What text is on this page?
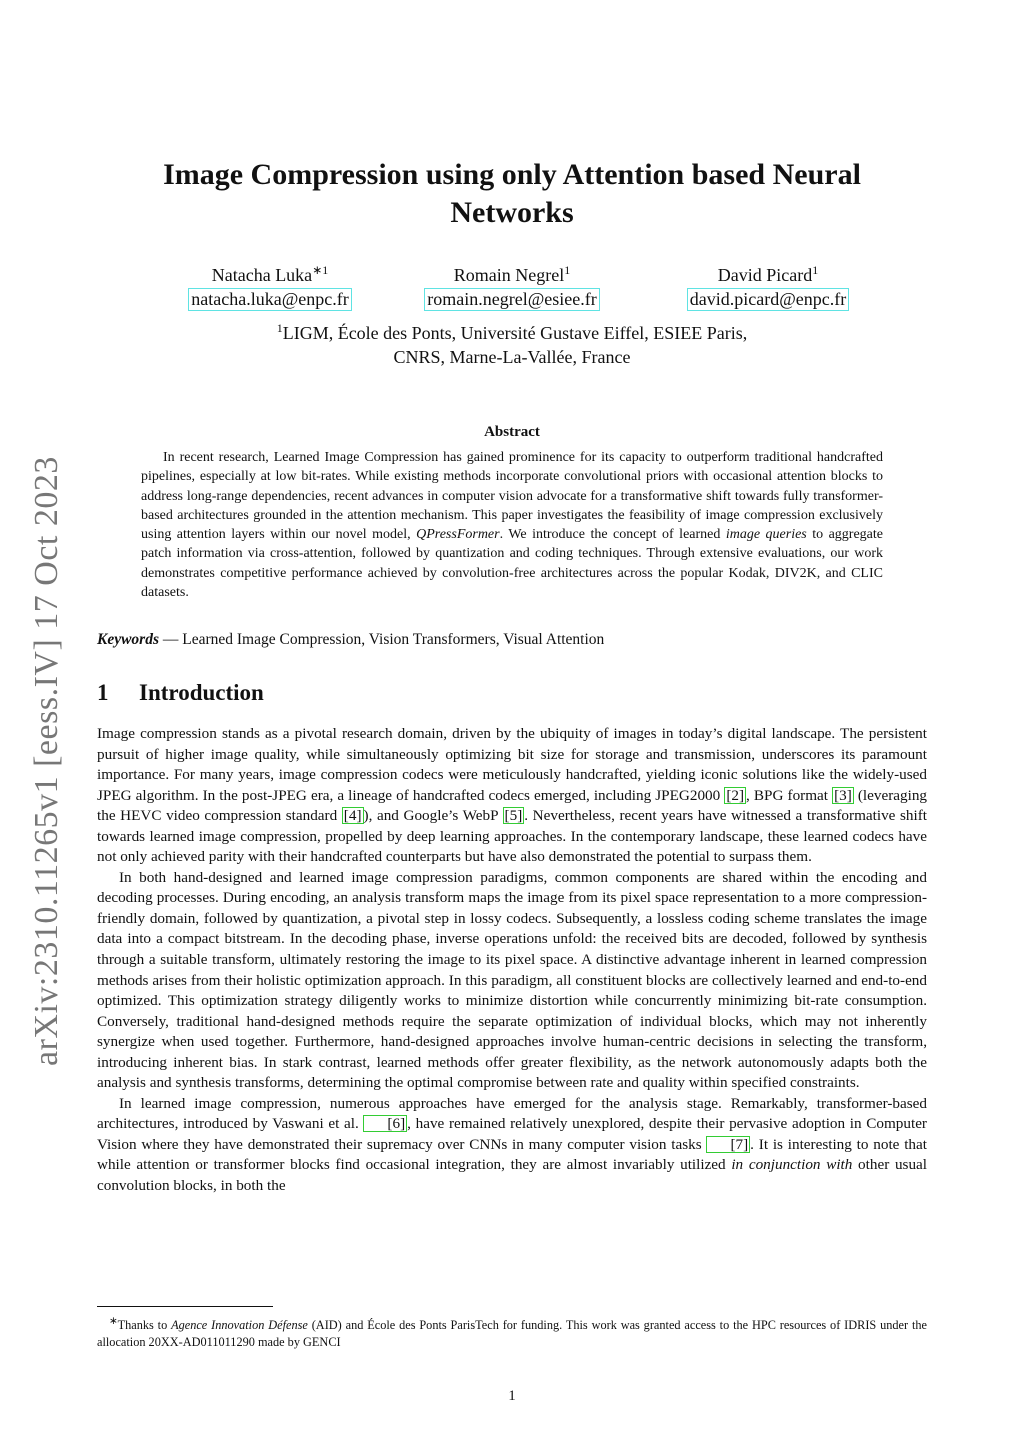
arXiv:2310.11265v1 [eess.IV] 17 Oct 2023
Image Compression using only Attention based Neural
Networks
Natacha Luka$^{∗1}$
natacha.luka@enpc.fr
Romain Negrel$^1$
romain.negrel@esiee.fr
David Picard$^1$
david.picard@enpc.fr
$^1$LIGM, École des Ponts, Université Gustave Eiffel, ESIEE Paris,
CNRS, Marne-La-Vallée, France
Abstract

In recent research, Learned Image Compression has gained prominence for its capacity to outperform traditional handcrafted pipelines, especially at low bit-rates. While existing methods incorporate convolutional priors with occasional attention blocks to address long-range dependencies, recent advances in computer vision advocate for a transformative shift towards fully transformer-based architectures grounded in the attention mechanism. This paper investigates the feasibility of image compression exclusively using attention layers within our novel model, QPressFormer. We introduce the concept of learned image queries to aggregate patch information via cross-attention, followed by quantization and coding techniques. Through extensive evaluations, our work demonstrates competitive performance achieved by convolution-free architectures across the popular Kodak, DIV2K, and CLIC datasets.

Keywords — Learned Image Compression, Vision Transformers, Visual Attention
1 Introduction

Image compression stands as a pivotal research domain, driven by the ubiquity of images in today’s digital landscape. The persistent pursuit of higher image quality, while simultaneously optimizing bit size for storage and transmission, underscores its paramount importance. For many years, image compression codecs were meticulously handcrafted, yielding iconic solutions like the widely-used JPEG algorithm. In the post-JPEG era, a lineage of handcrafted codecs emerged, including JPEG2000 [2] , BPG format [3] (leveraging the HEVC video compression standard [4] ), and Google’s WebP [5] . Nevertheless, recent years have witnessed a transformative shift towards learned image compression, propelled by deep learning approaches. In the contemporary landscape, these learned codecs have not only achieved parity with their handcrafted counterparts but have also demonstrated the potential to surpass them.

In both hand-designed and learned image compression paradigms, common components are shared within the encoding and decoding processes. During encoding, an analysis transform maps the image from its pixel space representation to a more compression-friendly domain, followed by quantization, a pivotal step in lossy codecs. Subsequently, a lossless coding scheme translates the image data into a compact bitstream. In the decoding phase, inverse operations unfold: the received bits are decoded, followed by synthesis through a suitable transform, ultimately restoring the image to its pixel space. A distinctive advantage inherent in learned compression methods arises from their holistic optimization approach. In this paradigm, all constituent blocks are collectively learned and end-to-end optimized. This optimization strategy diligently works to minimize distortion while concurrently minimizing bit-rate consumption. Conversely, traditional hand-designed methods require the separate optimization of individual blocks, which may not inherently synergize when used together. Furthermore, hand-designed approaches involve human-centric decisions in selecting the transform, introducing inherent bias. In stark contrast, learned methods offer greater flexibility, as the network autonomously adapts both the analysis and synthesis transforms, determining the optimal compromise between rate and quality within specified constraints.

In learned image compression, numerous approaches have emerged for the analysis stage. Remarkably, transformer-based architectures, introduced by Vaswani et al. [6] , have remained relatively unexplored, despite their pervasive adoption in Computer Vision where they have demonstrated their supremacy over CNNs in many computer vision tasks [7] . It is interesting to note that while attention or transformer blocks find occasional integration, they are almost invariably utilized in conjunction with other usual convolution blocks, in both the

∗Thanks to Agence Innovation Défense (AID) and École des Ponts ParisTech for funding. This work was granted access to the HPC resources of IDRIS under the allocation 20XX-AD011011290 made by GENCI
1
